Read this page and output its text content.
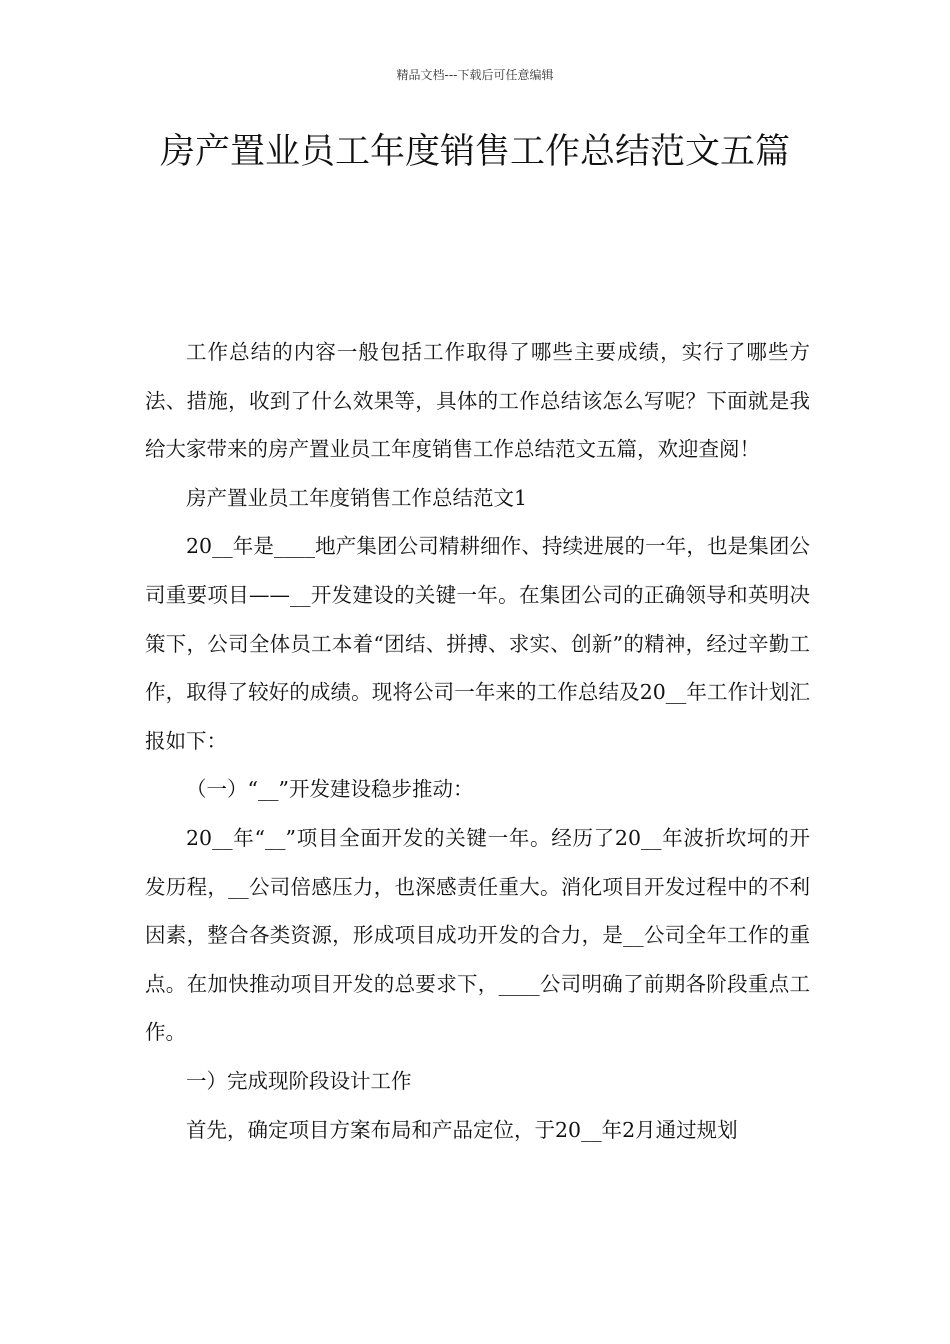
精品文档---下载后可任意编辑
房产置业员工年度销售工作总结范文五篇

工作总结的内容一般包括工作取得了哪些主要成绩，实行了哪些方法、措施，收到了什么效果等，具体的工作总结该怎么写呢？下面就是我给大家带来的房产置业员工年度销售工作总结范文五篇，欢迎查阅！

房产置业员工年度销售工作总结范文1

20__年是____地产集团公司精耕细作、持续进展的一年，也是集团公司重要项目——__开发建设的关键一年。在集团公司的正确领导和英明决策下，公司全体员工本着“团结、拼搏、求实、创新”的精神，经过辛勤工作，取得了较好的成绩。现将公司一年来的工作总结及20__年工作计划汇报如下：

（一）“__”开发建设稳步推动：

20__年“__”项目全面开发的关键一年。经历了20__年波折坎坷的开发历程，__公司倍感压力，也深感责任重大。消化项目开发过程中的不利因素，整合各类资源，形成项目成功开发的合力，是__公司全年工作的重点。在加快推动项目开发的总要求下，____公司明确了前期各阶段重点工作。

一）完成现阶段设计工作

首先，确定项目方案布局和产品定位，于20__年2月通过规划
